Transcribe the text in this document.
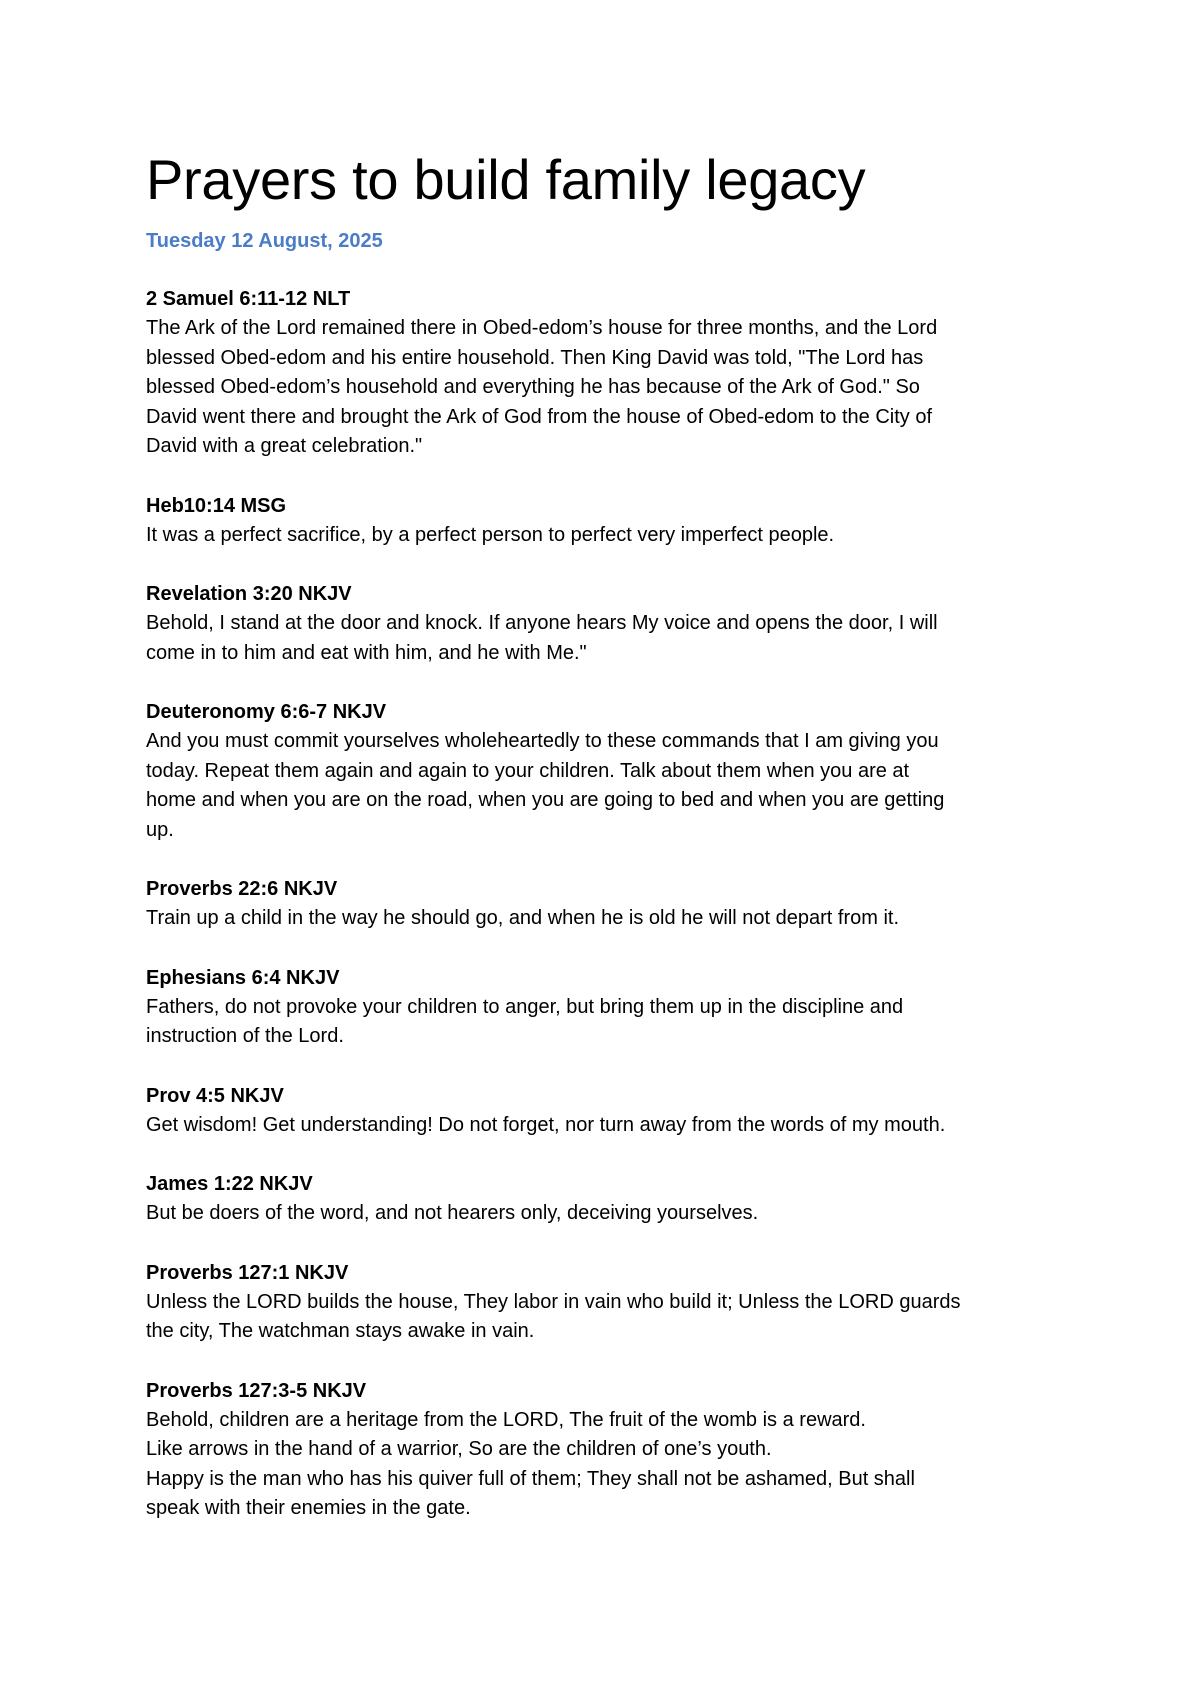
Prayers to build family legacy

Tuesday 12 August, 2025

2 Samuel 6:11-12 NLT

The Ark of the Lord remained there in Obed-edom’s house for three months, and the Lord

blessed Obed-edom and his entire household. Then King David was told, "The Lord has

blessed Obed-edom’s household and everything he has because of the Ark of God." So

David went there and brought the Ark of God from the house of Obed-edom to the City of

David with a great celebration."

Heb10:14 MSG

It was a perfect sacrifice, by a perfect person to perfect very imperfect people.

Revelation 3:20 NKJV

Behold, I stand at the door and knock. If anyone hears My voice and opens the door, I will

come in to him and eat with him, and he with Me."

Deuteronomy 6:6-7 NKJV

And you must commit yourselves wholeheartedly to these commands that I am giving you

today. Repeat them again and again to your children. Talk about them when you are at

home and when you are on the road, when you are going to bed and when you are getting

up.

Proverbs 22:6 NKJV

Train up a child in the way he should go, and when he is old he will not depart from it.

Ephesians 6:4 NKJV

Fathers, do not provoke your children to anger, but bring them up in the discipline and

instruction of the Lord.

Prov 4:5 NKJV

Get wisdom! Get understanding! Do not forget, nor turn away from the words of my mouth.

James 1:22 NKJV

But be doers of the word, and not hearers only, deceiving yourselves.

Proverbs 127:1 NKJV

Unless the LORD builds the house, They labor in vain who build it; Unless the LORD guards

the city, The watchman stays awake in vain.

Proverbs 127:3-5 NKJV

Behold, children are a heritage from the LORD, The fruit of the womb is a reward.

Like arrows in the hand of a warrior, So are the children of one’s youth.

Happy is the man who has his quiver full of them; They shall not be ashamed, But shall

speak with their enemies in the gate.
